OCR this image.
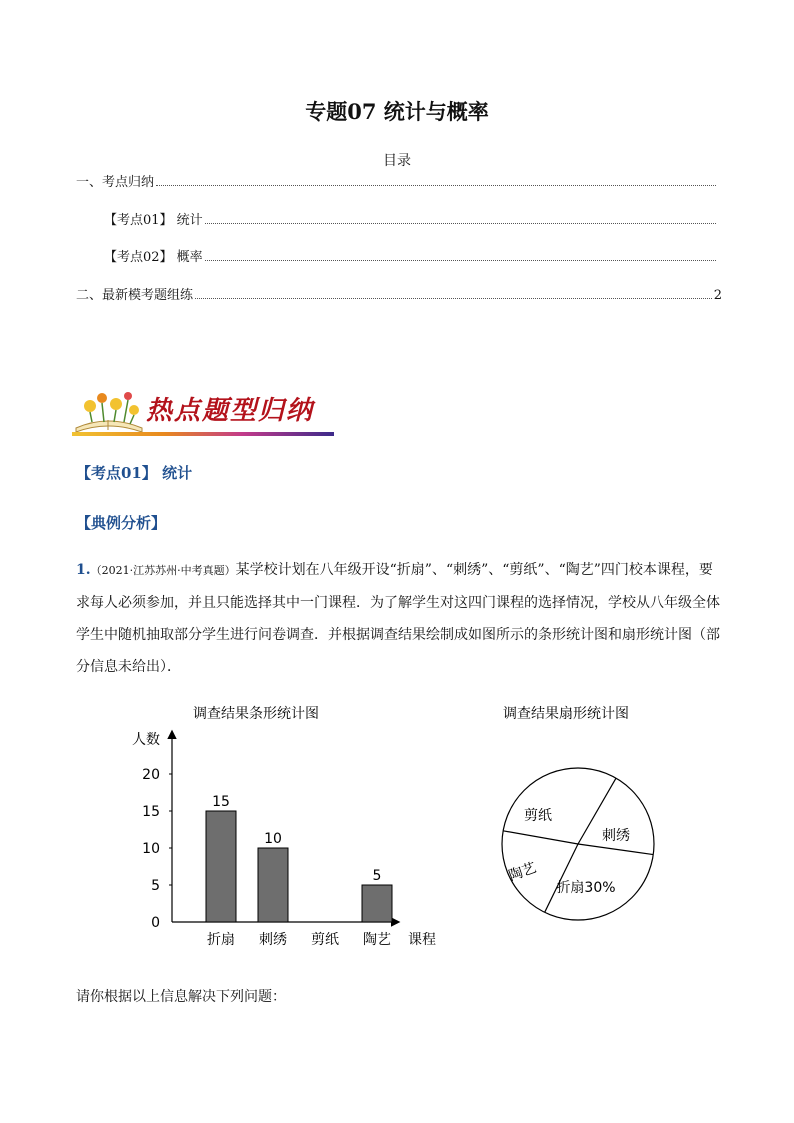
专题07 统计与概率
目录
一、考点归纳
【考点01】 统计
【考点02】 概率
二、最新模考题组练	2
热点题型归纳
【考点01】 统计
【典例分析】
1.（2021·江苏苏州·中考真题）某学校计划在八年级开设“折扇”、“刺绣”、“剪纸”、“陶艺”四门校本课程，要求每人必须参加，并且只能选择其中一门课程．为了解学生对这四门课程的选择情况，学校从八年级全体学生中随机抽取部分学生进行问卷调查．并根据调查结果绘制成如图所示的条形统计图和扇形统计图（部分信息未给出）．
调查结果条形统计图
人数
课程
0
5
10
15
20
15
折扇
10
刺绣 剪纸
5
陶艺
调查结果扇形统计图
剪纸
刺绣
折扇30%
陶艺
请你根据以上信息解决下列问题：
